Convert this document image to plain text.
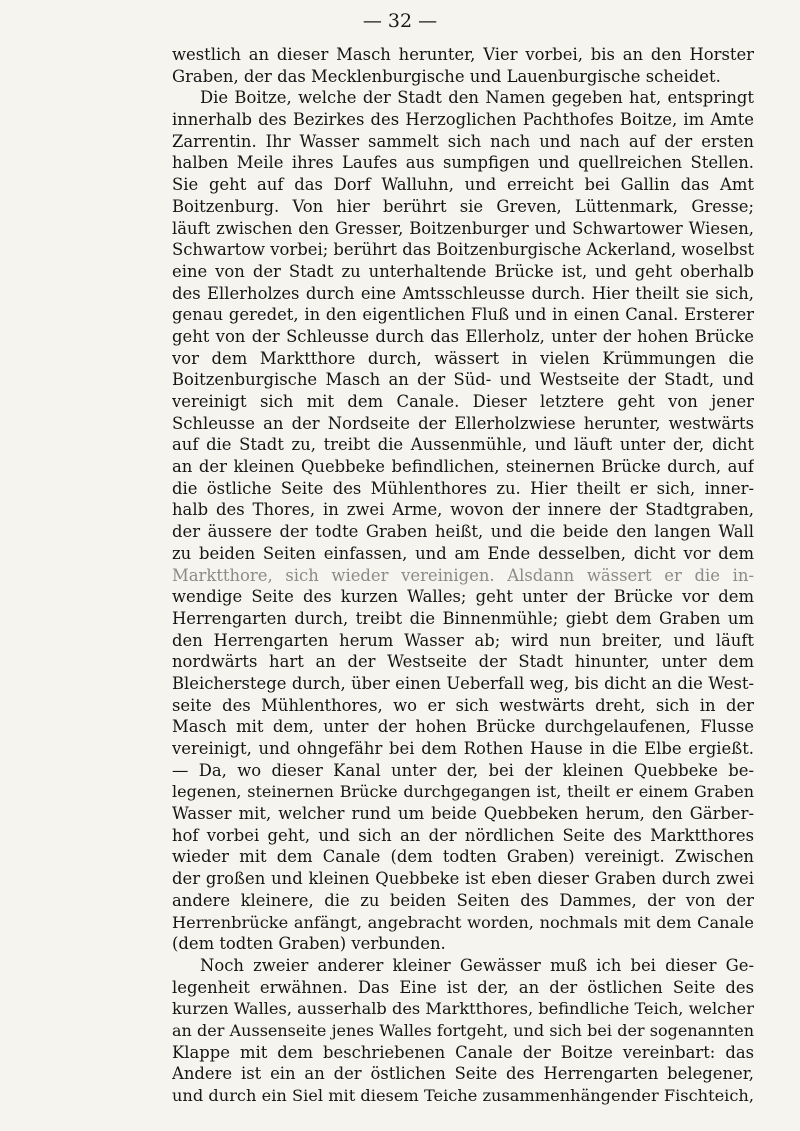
— 32 —
westlich an dieser Masch herunter, Vier vorbei, bis an den Horster
Graben, der das Mecklenburgische und Lauenburgische scheidet.
Die Boitze, welche der Stadt den Namen gegeben hat, entspringt
innerhalb des Bezirkes des Herzoglichen Pachthofes Boitze, im Amte
Zarrentin. Ihr Wasser sammelt sich nach und nach auf der ersten
halben Meile ihres Laufes aus sumpfigen und quellreichen Stellen.
Sie geht auf das Dorf Walluhn, und erreicht bei Gallin das Amt
Boitzenburg. Von hier berührt sie Greven, Lüttenmark, Gresse;
läuft zwischen den Gresser, Boitzenburger und Schwartower Wiesen,
Schwartow vorbei; berührt das Boitzenburgische Ackerland, woselbst
eine von der Stadt zu unterhaltende Brücke ist, und geht oberhalb
des Ellerholzes durch eine Amtsschleusse durch. Hier theilt sie sich,
genau geredet, in den eigentlichen Fluß und in einen Canal. Ersterer
geht von der Schleusse durch das Ellerholz, unter der hohen Brücke
vor dem Marktthore durch, wässert in vielen Krümmungen die
Boitzenburgische Masch an der Süd- und Westseite der Stadt, und
vereinigt sich mit dem Canale. Dieser letztere geht von jener
Schleusse an der Nordseite der Ellerholzwiese herunter, westwärts
auf die Stadt zu, treibt die Aussenmühle, und läuft unter der, dicht
an der kleinen Quebbeke befindlichen, steinernen Brücke durch, auf
die östliche Seite des Mühlenthores zu. Hier theilt er sich, inner-
halb des Thores, in zwei Arme, wovon der innere der Stadtgraben,
der äussere der todte Graben heißt, und die beide den langen Wall
zu beiden Seiten einfassen, und am Ende desselben, dicht vor dem
Marktthore, sich wieder vereinigen. Alsdann wässert er die in-
wendige Seite des kurzen Walles; geht unter der Brücke vor dem
Herrengarten durch, treibt die Binnenmühle; giebt dem Graben um
den Herrengarten herum Wasser ab; wird nun breiter, und läuft
nordwärts hart an der Westseite der Stadt hinunter, unter dem
Bleicherstege durch, über einen Ueberfall weg, bis dicht an die West-
seite des Mühlenthores, wo er sich westwärts dreht, sich in der
Masch mit dem, unter der hohen Brücke durchgelaufenen, Flusse
vereinigt, und ohngefähr bei dem Rothen Hause in die Elbe ergießt.
— Da, wo dieser Kanal unter der, bei der kleinen Quebbeke be-
legenen, steinernen Brücke durchgegangen ist, theilt er einem Graben
Wasser mit, welcher rund um beide Quebbeken herum, den Gärber-
hof vorbei geht, und sich an der nördlichen Seite des Marktthores
wieder mit dem Canale (dem todten Graben) vereinigt. Zwischen
der großen und kleinen Quebbeke ist eben dieser Graben durch zwei
andere kleinere, die zu beiden Seiten des Dammes, der von der
Herrenbrücke anfängt, angebracht worden, nochmals mit dem Canale
(dem todten Graben) verbunden.
Noch zweier anderer kleiner Gewässer muß ich bei dieser Ge-
legenheit erwähnen. Das Eine ist der, an der östlichen Seite des
kurzen Walles, ausserhalb des Marktthores, befindliche Teich, welcher
an der Aussenseite jenes Walles fortgeht, und sich bei der sogenannten
Klappe mit dem beschriebenen Canale der Boitze vereinbart: das
Andere ist ein an der östlichen Seite des Herrengarten belegener,
und durch ein Siel mit diesem Teiche zusammenhängender Fischteich,
